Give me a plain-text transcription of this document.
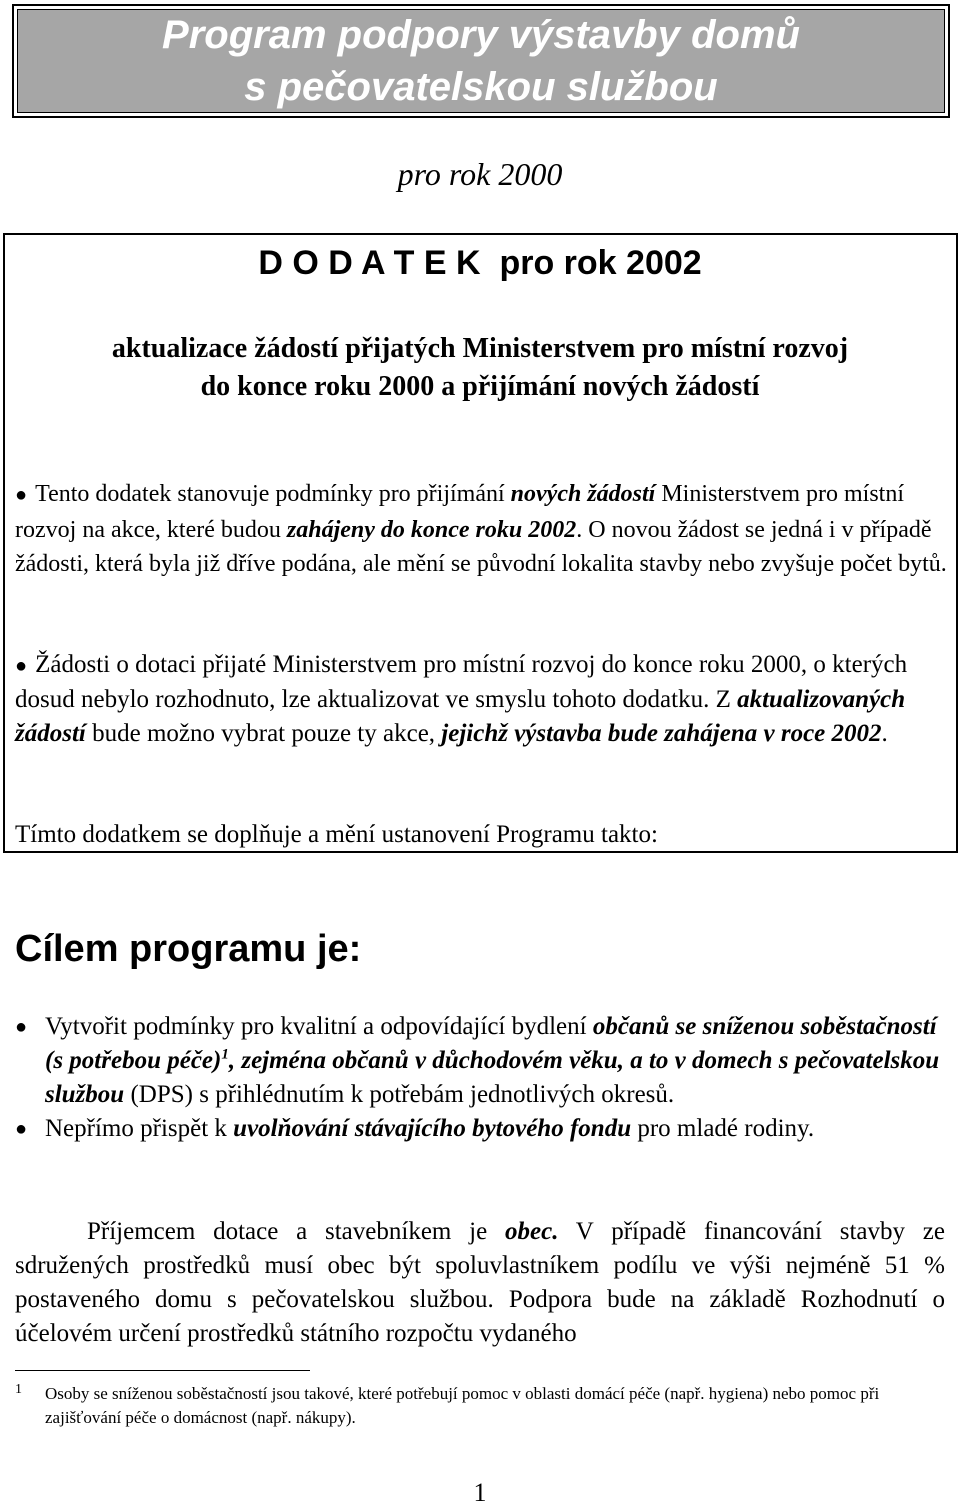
Program podpory výstavby domů
s pečovatelskou službou
pro rok 2000
D O D A T E K  pro rok 2002
aktualizace žádostí přijatých Ministerstvem pro místní rozvoj
do konce roku 2000 a přijímání nových žádostí
● Tento dodatek stanovuje podmínky pro přijímání nových žádostí Ministerstvem pro místní rozvoj na akce, které budou zahájeny do konce roku 2002. O novou žádost se jedná i v případě žádosti, která byla již dříve podána, ale mění se původní lokalita stavby nebo zvyšuje počet bytů.
● Žádosti o dotaci přijaté Ministerstvem pro místní rozvoj do konce roku 2000, o kterých dosud nebylo rozhodnuto, lze aktualizovat ve smyslu tohoto dodatku. Z aktualizovaných žádostí bude možno vybrat pouze ty akce, jejichž výstavba bude zahájena v roce 2002.
Tímto dodatkem se doplňuje a mění ustanovení Programu takto:
Cílem programu je:
● Vytvořit podmínky pro kvalitní a odpovídající bydlení občanů se sníženou soběstačností (s potřebou péče)$^1$, zejména občanů v důchodovém věku, a to v domech s pečovatelskou službou (DPS) s přihlédnutím k potřebám jednotlivých okresů.
● Nepřímo přispět k uvolňování stávajícího bytového fondu pro mladé rodiny.
Příjemcem dotace a stavebníkem je obec. V případě financování stavby ze sdružených prostředků musí obec být spoluvlastníkem podílu ve výši nejméně 51 % postaveného domu s pečovatelskou službou. Podpora bude na základě Rozhodnutí o účelovém určení prostředků státního rozpočtu vydaného
1 Osoby se sníženou soběstačností jsou takové, které potřebují pomoc v oblasti domácí péče (např. hygiena) nebo pomoc při zajišťování péče o domácnost (např. nákupy).
1
